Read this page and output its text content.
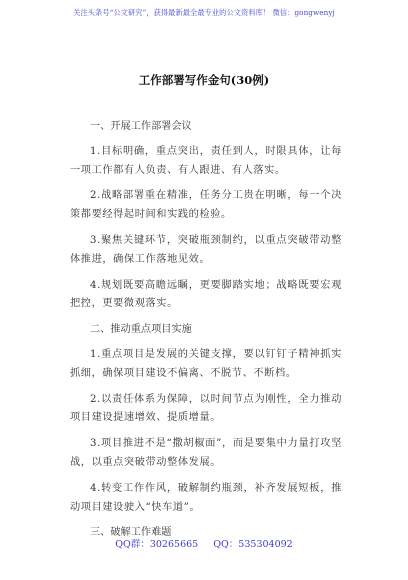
关注头条号“公文研究”，获得最新最全最专业的公文资料库！ 微信：gongwenyj
工作部署写作金句(30例)
一、开展工作部署会议
1.目标明确，重点突出，责任到人，时限具体，让每一项工作都有人负责、有人跟进、有人落实。
2.战略部署重在精准，任务分工贵在明晰，每一个决策都要经得起时间和实践的检验。
3.聚焦关键环节，突破瓶颈制约，以重点突破带动整体推进，确保工作落地见效。
4.规划既要高瞻远瞩，更要脚踏实地；战略既要宏观把控，更要微观落实。
二、推动重点项目实施
1.重点项目是发展的关键支撑，要以钉钉子精神抓实抓细，确保项目建设不偏离、不脱节、不断档。
2.以责任体系为保障，以时间节点为刚性，全力推动项目建设提速增效、提质增量。
3.项目推进不是“撒胡椒面”，而是要集中力量打攻坚战，以重点突破带动整体发展。
4.转变工作作风，破解制约瓶颈，补齐发展短板，推动项目建设驶入“快车道”。
三、破解工作难题
QQ群：30265665 QQ：535304092
